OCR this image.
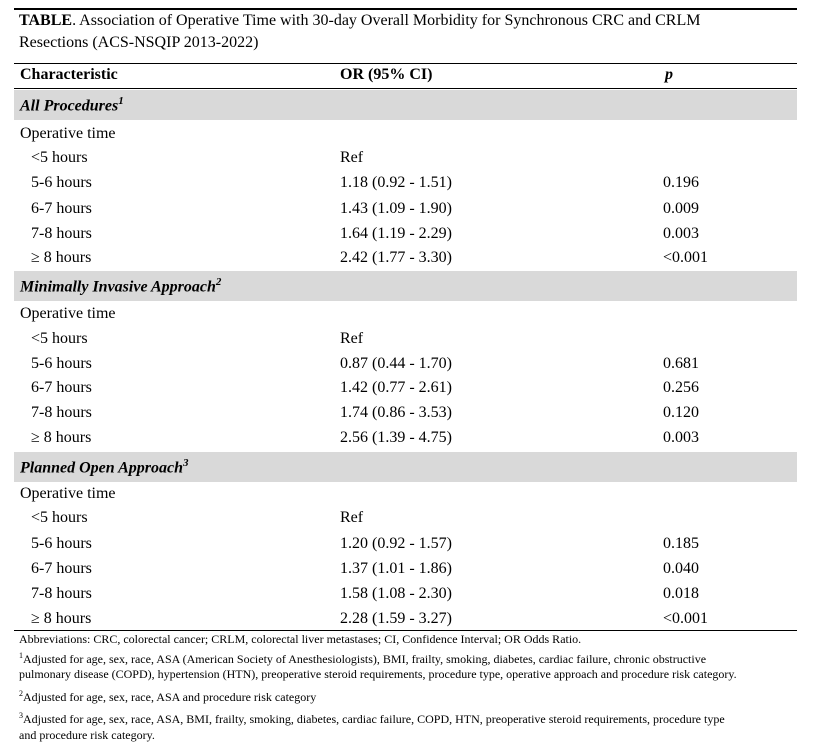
TABLE. Association of Operative Time with 30-day Overall Morbidity for Synchronous CRC and CRLM
Resections (ACS-NSQIP 2013-2022)
Characteristic	OR (95% CI)	p
All Procedures$^1$
Operative time
<5 hours	Ref
5-6 hours	1.18 (0.92 - 1.51)	0.196
6-7 hours	1.43 (1.09 - 1.90)	0.009
7-8 hours	1.64 (1.19 - 2.29)	0.003
≥ 8 hours	2.42 (1.77 - 3.30)	<0.001
Minimally Invasive Approach$^2$
Operative time
<5 hours	Ref
5-6 hours	0.87 (0.44 - 1.70)	0.681
6-7 hours	1.42 (0.77 - 2.61)	0.256
7-8 hours	1.74 (0.86 - 3.53)	0.120
≥ 8 hours	2.56 (1.39 - 4.75)	0.003
Planned Open Approach$^3$
Operative time
<5 hours	Ref
5-6 hours	1.20 (0.92 - 1.57)	0.185
6-7 hours	1.37 (1.01 - 1.86)	0.040
7-8 hours	1.58 (1.08 - 2.30)	0.018
≥ 8 hours	2.28 (1.59 - 3.27)	<0.001
Abbreviations: CRC, colorectal cancer; CRLM, colorectal liver metastases; CI, Confidence Interval; OR Odds Ratio.
$^1$Adjusted for age, sex, race, ASA (American Society of Anesthesiologists), BMI, frailty, smoking, diabetes, cardiac failure, chronic obstructive
pulmonary disease (COPD), hypertension (HTN), preoperative steroid requirements, procedure type, operative approach and procedure risk category.
$^2$Adjusted for age, sex, race, ASA and procedure risk category
$^3$Adjusted for age, sex, race, ASA, BMI, frailty, smoking, diabetes, cardiac failure, COPD, HTN, preoperative steroid requirements, procedure type
and procedure risk category.
